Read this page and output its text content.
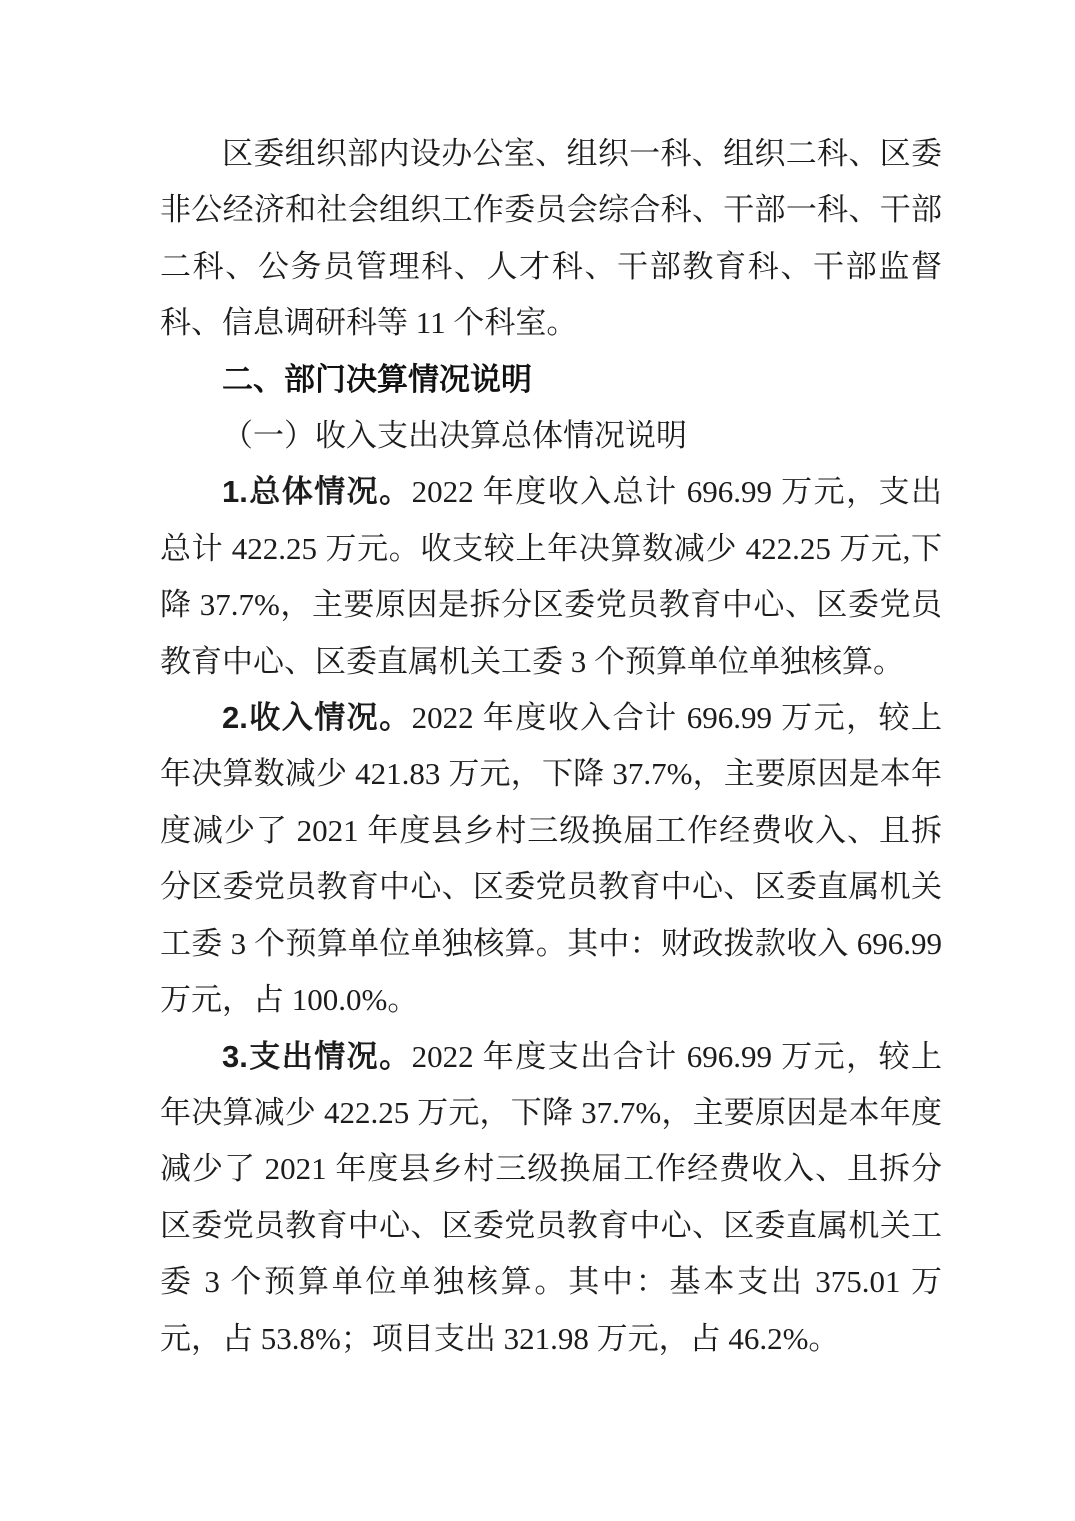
区委组织部内设办公室、组织一科、组织二科、区委非公经济和社会组织工作委员会综合科、干部一科、干部二科、公务员管理科、人才科、干部教育科、干部监督科、信息调研科等 11 个科室。

二、部门决算情况说明

（一）收入支出决算总体情况说明

1.总体情况。2022 年度收入总计 696.99 万元，支出总计 422.25 万元。收支较上年决算数减少 422.25 万元,下降 37.7%，主要原因是拆分区委党员教育中心、区委党员教育中心、区委直属机关工委 3 个预算单位单独核算。

2.收入情况。2022 年度收入合计 696.99 万元，较上年决算数减少 421.83 万元，下降 37.7%，主要原因是本年度减少了 2021 年度县乡村三级换届工作经费收入、且拆分区委党员教育中心、区委党员教育中心、区委直属机关工委 3 个预算单位单独核算。其中：财政拨款收入 696.99 万元，占 100.0%。

3.支出情况。2022 年度支出合计 696.99 万元，较上年决算减少 422.25 万元，下降 37.7%，主要原因是本年度减少了 2021 年度县乡村三级换届工作经费收入、且拆分区委党员教育中心、区委党员教育中心、区委直属机关工委 3 个预算单位单独核算。其中：基本支出 375.01 万元，占 53.8%；项目支出 321.98 万元，占 46.2%。
